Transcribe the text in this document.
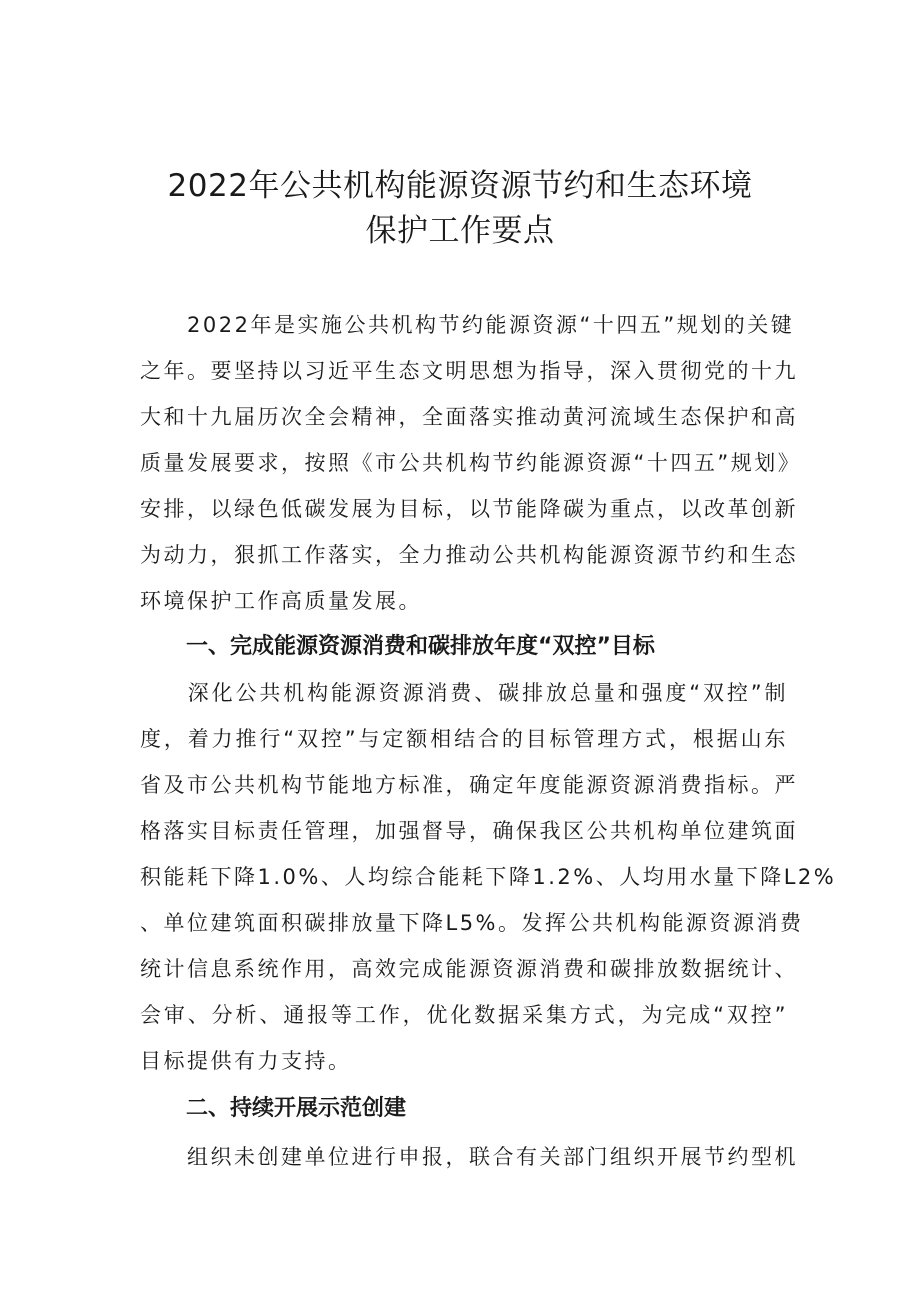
2022年公共机构能源资源节约和生态环境
保护工作要点

　　2022年是实施公共机构节约能源资源“十四五”规划的关键

之年。要坚持以习近平生态文明思想为指导，深入贯彻党的十九

大和十九届历次全会精神，全面落实推动黄河流域生态保护和高

质量发展要求，按照《市公共机构节约能源资源“十四五”规划》

安排，以绿色低碳发展为目标，以节能降碳为重点，以改革创新

为动力，狠抓工作落实，全力推动公共机构能源资源节约和生态

环境保护工作高质量发展。

一、完成能源资源消费和碳排放年度“双控”目标

　　深化公共机构能源资源消费、碳排放总量和强度“双控”制

度，着力推行“双控”与定额相结合的目标管理方式，根据山东

省及市公共机构节能地方标准，确定年度能源资源消费指标。严

格落实目标责任管理，加强督导，确保我区公共机构单位建筑面

积能耗下降1.0%、人均综合能耗下降1.2%、人均用水量下降L2%

、单位建筑面积碳排放量下降L5%。发挥公共机构能源资源消费

统计信息系统作用，高效完成能源资源消费和碳排放数据统计、

会审、分析、通报等工作，优化数据采集方式，为完成“双控”

目标提供有力支持。

二、持续开展示范创建

　　组织未创建单位进行申报，联合有关部门组织开展节约型机
